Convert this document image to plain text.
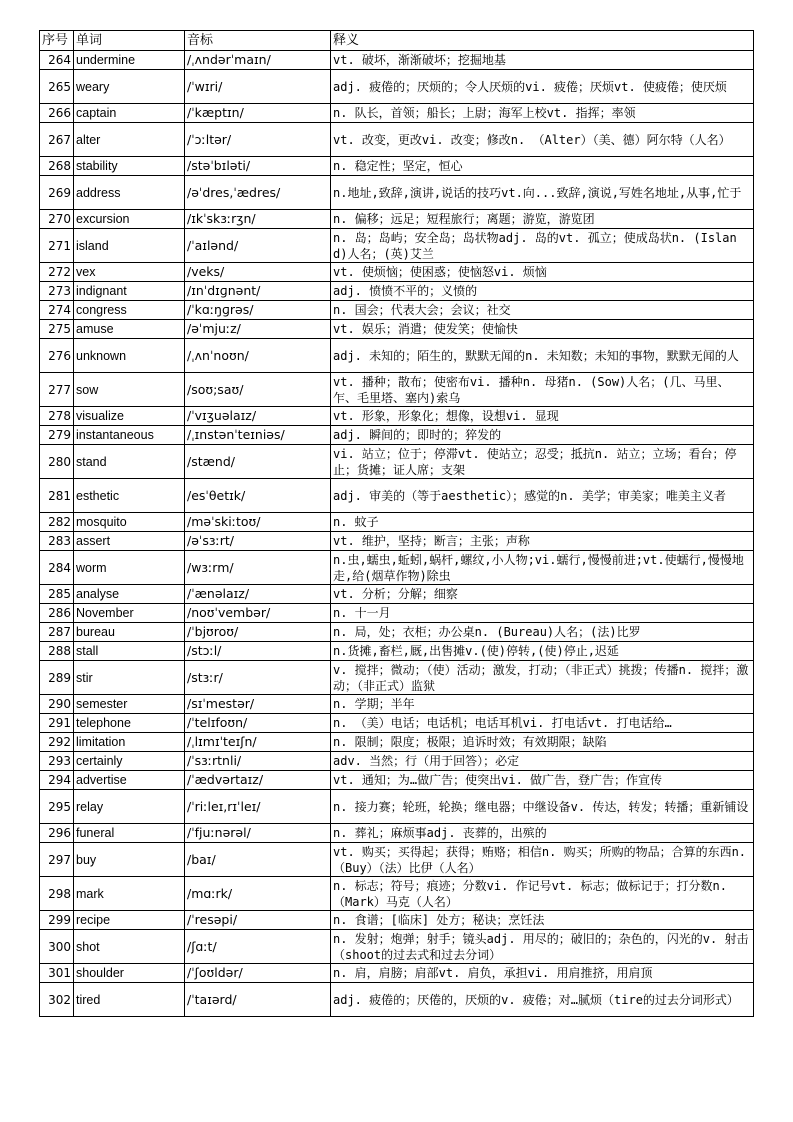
序号	单词	音标	释义
264	undermine	/ˌʌndərˈmaɪn/	vt. 破坏，渐渐破坏；挖掘地基
265	weary	/ˈwɪri/	adj. 疲倦的；厌烦的；令人厌烦的vi. 疲倦；厌烦vt. 使疲倦；使厌烦
266	captain	/ˈkæptɪn/	n. 队长，首领；船长；上尉；海军上校vt. 指挥；率领
267	alter	/ˈɔːltər/	vt. 改变，更改vi. 改变；修改n. （Alter）（美、德）阿尔特（人名）
268	stability	/stəˈbɪləti/	n. 稳定性；坚定，恒心
269	address	/əˈdres,ˈædres/	n.地址,致辞,演讲,说话的技巧vt.向...致辞,演说,写姓名地址,从事,忙于
270	excursion	/ɪkˈskɜːrʒn/	n. 偏移；远足；短程旅行；离题；游览，游览团
271	island	/ˈaɪlənd/	n. 岛；岛屿；安全岛；岛状物adj. 岛的vt. 孤立；使成岛状n. (Island)人名；(英)艾兰
272	vex	/veks/	vt. 使烦恼；使困惑；使恼怒vi. 烦恼
273	indignant	/ɪnˈdɪɡnənt/	adj. 愤愤不平的；义愤的
274	congress	/ˈkɑːŋɡrəs/	n. 国会；代表大会；会议；社交
275	amuse	/əˈmjuːz/	vt. 娱乐；消遣；使发笑；使愉快
276	unknown	/ˌʌnˈnoʊn/	adj. 未知的；陌生的，默默无闻的n. 未知数；未知的事物，默默无闻的人
277	sow	/soʊ;saʊ/	vt. 播种；散布；使密布vi. 播种n. 母猪n. (Sow)人名；(几、马里、乍、毛里塔、塞内)索乌
278	visualize	/ˈvɪʒuəlaɪz/	vt. 形象，形象化；想像，设想vi. 显现
279	instantaneous	/ˌɪnstənˈteɪniəs/	adj. 瞬间的；即时的；猝发的
280	stand	/stænd/	vi. 站立；位于；停滞vt. 使站立；忍受；抵抗n. 站立；立场；看台；停止；货摊；证人席；支架
281	esthetic	/esˈθetɪk/	adj. 审美的（等于aesthetic）；感觉的n. 美学；审美家；唯美主义者
282	mosquito	/məˈskiːtoʊ/	n. 蚊子
283	assert	/əˈsɜːrt/	vt. 维护，坚持；断言；主张；声称
284	worm	/wɜːrm/	n.虫,蠕虫,蚯蚓,蜗杆,螺纹,小人物;vi.蠕行,慢慢前进;vt.使蠕行,慢慢地走,给(烟草作物)除虫
285	analyse	/ˈænəlaɪz/	vt. 分析；分解；细察
286	November	/noʊˈvembər/	n. 十一月
287	bureau	/ˈbjʊroʊ/	n. 局，处；衣柜；办公桌n. (Bureau)人名；(法)比罗
288	stall	/stɔːl/	n.货摊,畜栏,厩,出售摊v.(使)停转,(使)停止,迟延
289	stir	/stɜːr/	v. 搅拌；微动；（使）活动；激发，打动；（非正式）挑拨；传播n. 搅拌；激动；（非正式）监狱
290	semester	/sɪˈmestər/	n. 学期；半年
291	telephone	/ˈtelɪfoʊn/	n. （美）电话；电话机；电话耳机vi. 打电话vt. 打电话给…
292	limitation	/ˌlɪmɪˈteɪʃn/	n. 限制；限度；极限；追诉时效；有效期限；缺陷
293	certainly	/ˈsɜːrtnli/	adv. 当然；行（用于回答）；必定
294	advertise	/ˈædvərtaɪz/	vt. 通知；为…做广告；使突出vi. 做广告，登广告；作宣传
295	relay	/ˈriːleɪ,rɪˈleɪ/	n. 接力赛；轮班，轮换；继电器；中继设备v. 传达，转发；转播；重新铺设
296	funeral	/ˈfjuːnərəl/	n. 葬礼；麻烦事adj. 丧葬的，出殡的
297	buy	/baɪ/	vt. 购买；买得起；获得；贿赂；相信n. 购买；所购的物品；合算的东西n. （Buy）（法）比伊（人名）
298	mark	/mɑːrk/	n. 标志；符号；痕迹；分数vi. 作记号vt. 标志；做标记于；打分数n. （Mark）马克（人名）
299	recipe	/ˈresəpi/	n. 食谱；[临床] 处方；秘诀；烹饪法
300	shot	/ʃɑːt/	n. 发射；炮弹；射手；镜头adj. 用尽的；破旧的；杂色的，闪光的v. 射击（shoot的过去式和过去分词）
301	shoulder	/ˈʃoʊldər/	n. 肩，肩膀；肩部vt. 肩负，承担vi. 用肩推挤，用肩顶
302	tired	/ˈtaɪərd/	adj. 疲倦的；厌倦的，厌烦的v. 疲倦；对…腻烦（tire的过去分词形式）
